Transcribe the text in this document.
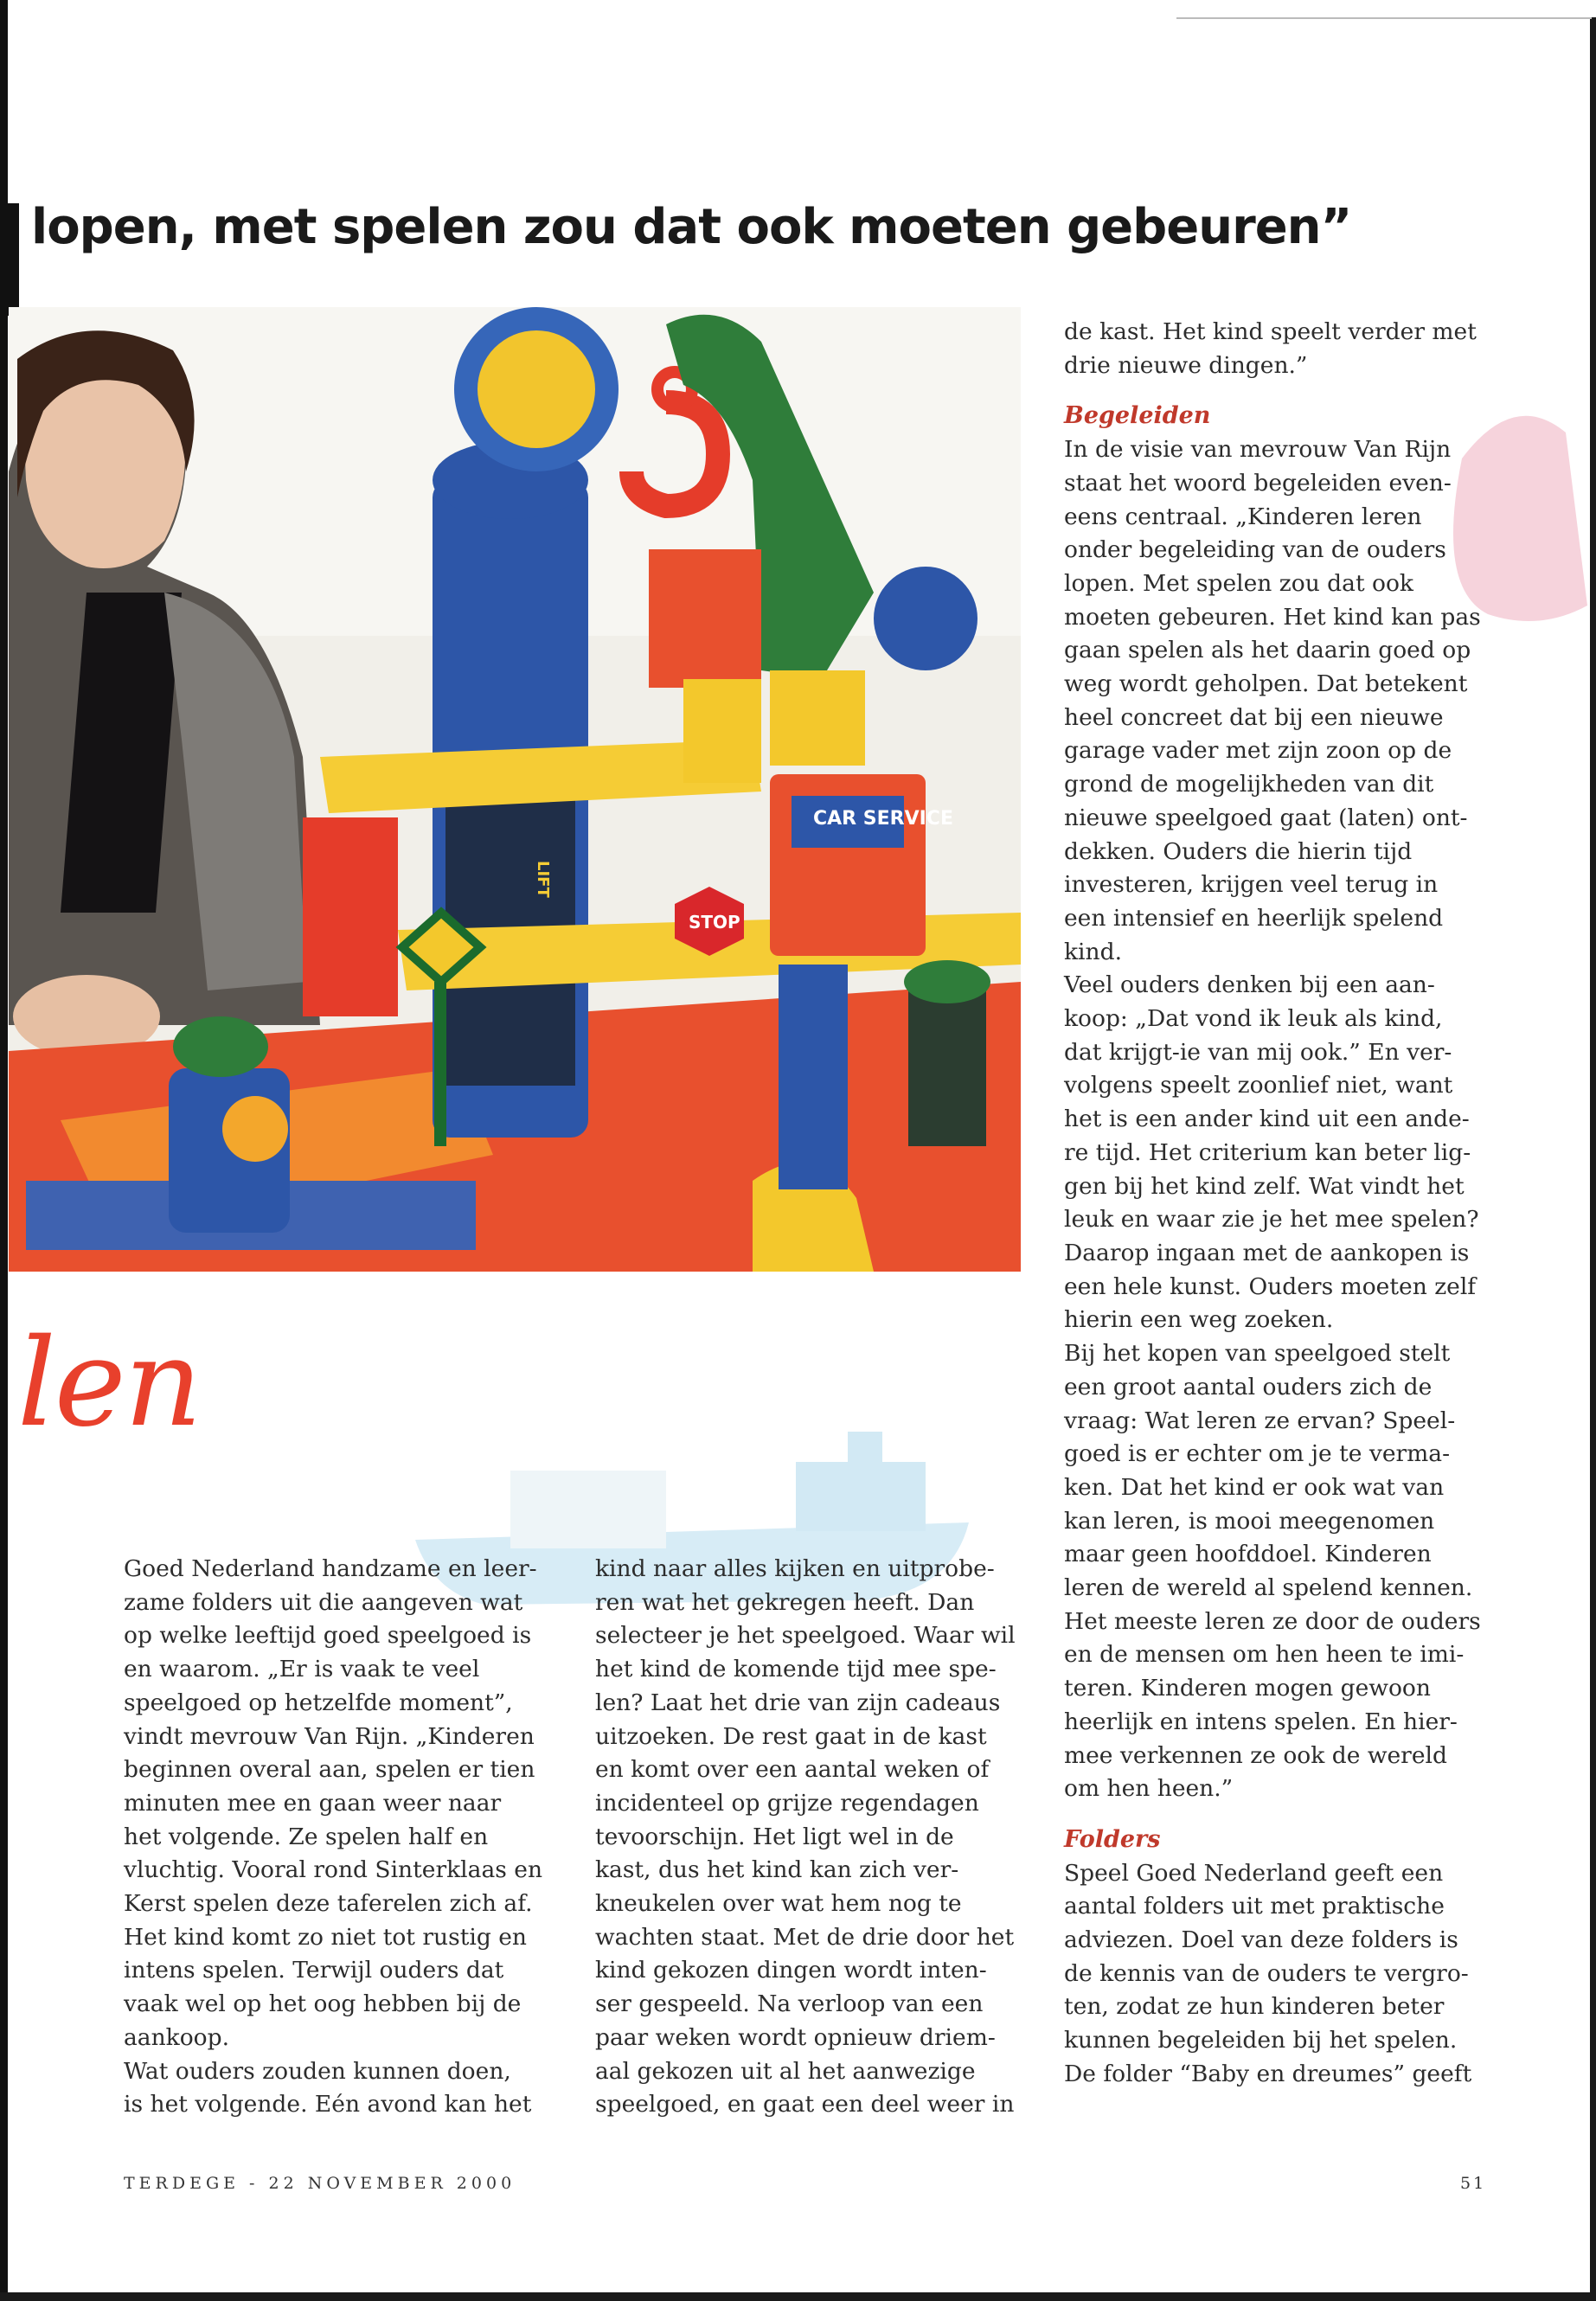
lopen, met spelen zou dat ook moeten gebeuren”
CAR SERVICE
STOP
LIFT
len

Goed Nederland handzame en leer-

zame folders uit die aangeven wat

op welke leeftijd goed speelgoed is

en waarom. „Er is vaak te veel

speelgoed op hetzelfde moment”,

vindt mevrouw Van Rijn. „Kinderen

beginnen overal aan, spelen er tien

minuten mee en gaan weer naar

het volgende. Ze spelen half en

vluchtig. Vooral rond Sinterklaas en

Kerst spelen deze taferelen zich af.

Het kind komt zo niet tot rustig en

intens spelen. Terwijl ouders dat

vaak wel op het oog hebben bij de

aankoop.

Wat ouders zouden kunnen doen,

is het volgende. Eén avond kan het

kind naar alles kijken en uitprobe-

ren wat het gekregen heeft. Dan

selecteer je het speelgoed. Waar wil

het kind de komende tijd mee spe-

len? Laat het drie van zijn cadeaus

uitzoeken. De rest gaat in de kast

en komt over een aantal weken of

incidenteel op grijze regendagen

tevoorschijn. Het ligt wel in de

kast, dus het kind kan zich ver-

kneukelen over wat hem nog te

wachten staat. Met de drie door het

kind gekozen dingen wordt inten-

ser gespeeld. Na verloop van een

paar weken wordt opnieuw driem-

aal gekozen uit al het aanwezige

speelgoed, en gaat een deel weer in

de kast. Het kind speelt verder met

drie nieuwe dingen.”

Begeleiden

In de visie van mevrouw Van Rijn

staat het woord begeleiden even-

eens centraal. „Kinderen leren

onder begeleiding van de ouders

lopen. Met spelen zou dat ook

moeten gebeuren. Het kind kan pas

gaan spelen als het daarin goed op

weg wordt geholpen. Dat betekent

heel concreet dat bij een nieuwe

garage vader met zijn zoon op de

grond de mogelijkheden van dit

nieuwe speelgoed gaat (laten) ont-

dekken. Ouders die hierin tijd

investeren, krijgen veel terug in

een intensief en heerlijk spelend

kind.

Veel ouders denken bij een aan-

koop: „Dat vond ik leuk als kind,

dat krijgt-ie van mij ook.” En ver-

volgens speelt zoonlief niet, want

het is een ander kind uit een ande-

re tijd. Het criterium kan beter lig-

gen bij het kind zelf. Wat vindt het

leuk en waar zie je het mee spelen?

Daarop ingaan met de aankopen is

een hele kunst. Ouders moeten zelf

hierin een weg zoeken.

Bij het kopen van speelgoed stelt

een groot aantal ouders zich de

vraag: Wat leren ze ervan? Speel-

goed is er echter om je te verma-

ken. Dat het kind er ook wat van

kan leren, is mooi meegenomen

maar geen hoofddoel. Kinderen

leren de wereld al spelend kennen.

Het meeste leren ze door de ouders

en de mensen om hen heen te imi-

teren. Kinderen mogen gewoon

heerlijk en intens spelen. En hier-

mee verkennen ze ook de wereld

om hen heen.”

Folders

Speel Goed Nederland geeft een

aantal folders uit met praktische

adviezen. Doel van deze folders is

de kennis van de ouders te vergro-

ten, zodat ze hun kinderen beter

kunnen begeleiden bij het spelen.

De folder “Baby en dreumes” geeft

TERDEGE - 22 NOVEMBER 2000	51
